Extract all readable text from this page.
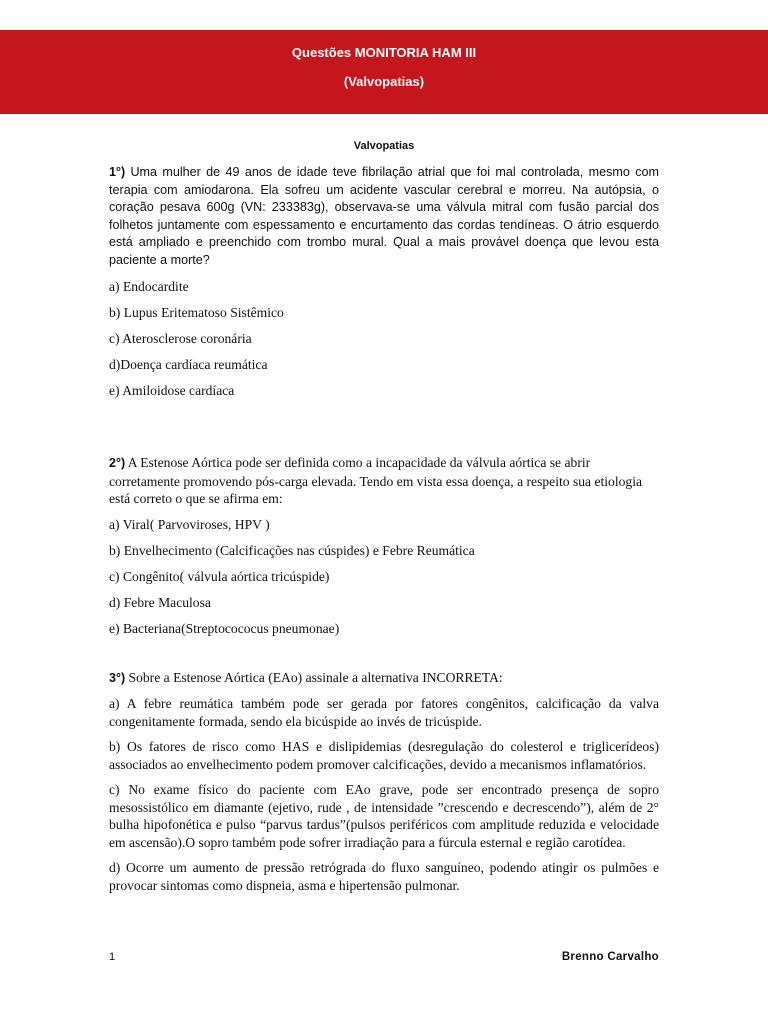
Questões MONITORIA HAM III
(Valvopatias)
Valvopatias

1°) Uma mulher de 49 anos de idade teve fibrilação atrial que foi mal controlada, mesmo com terapia com amiodarona. Ela sofreu um acidente vascular cerebral e morreu. Na autópsia, o coração pesava 600g (VN: 233383g), observava-se uma válvula mitral com fusão parcial dos folhetos juntamente com espessamento e encurtamento das cordas tendíneas. O átrio esquerdo está ampliado e preenchido com trombo mural. Qual a mais provável doença que levou esta paciente a morte?

a) Endocardite

b) Lupus Eritematoso Sistêmico

c) Aterosclerose coronária

d)Doença cardíaca reumática

e) Amiloidose cardíaca

2°) A Estenose Aórtica pode ser definida como a incapacidade da válvula aórtica se abrir corretamente promovendo pós-carga elevada. Tendo em vista essa doença, a respeito sua etiologia está correto o que se afirma em:

a) Viral( Parvoviroses, HPV )

b) Envelhecimento (Calcificações nas cúspides) e Febre Reumática

c) Congênito( válvula aórtica tricúspide)

d) Febre Maculosa

e) Bacteriana(Streptocococus pneumonae)

3°) Sobre a Estenose Aórtica (EAo) assinale a alternativa INCORRETA:

a) A febre reumática também pode ser gerada por fatores congênitos, calcificação da valva congenitamente formada, sendo ela bicúspide ao invés de tricúspide.

b) Os fatores de risco como HAS e dislipidemias (desregulação do colesterol e triglicerídeos) associados ao envelhecimento podem promover calcificações, devido a mecanismos inflamatórios.

c) No exame físico do paciente com EAo grave, pode ser encontrado presença de sopro mesossistólico em diamante (ejetivo, rude , de intensidade ”crescendo e decrescendo”), além de 2° bulha hipofonética e pulso “parvus tardus”(pulsos periféricos com amplitude reduzida e velocidade em ascensão).O sopro também pode sofrer irradiação para a fúrcula esternal e região carotídea.

d) Ocorre um aumento de pressão retrógrada do fluxo sanguíneo, podendo atingir os pulmões e provocar sintomas como dispneia, asma e hipertensão pulmonar.

1	Brenno Carvalho
